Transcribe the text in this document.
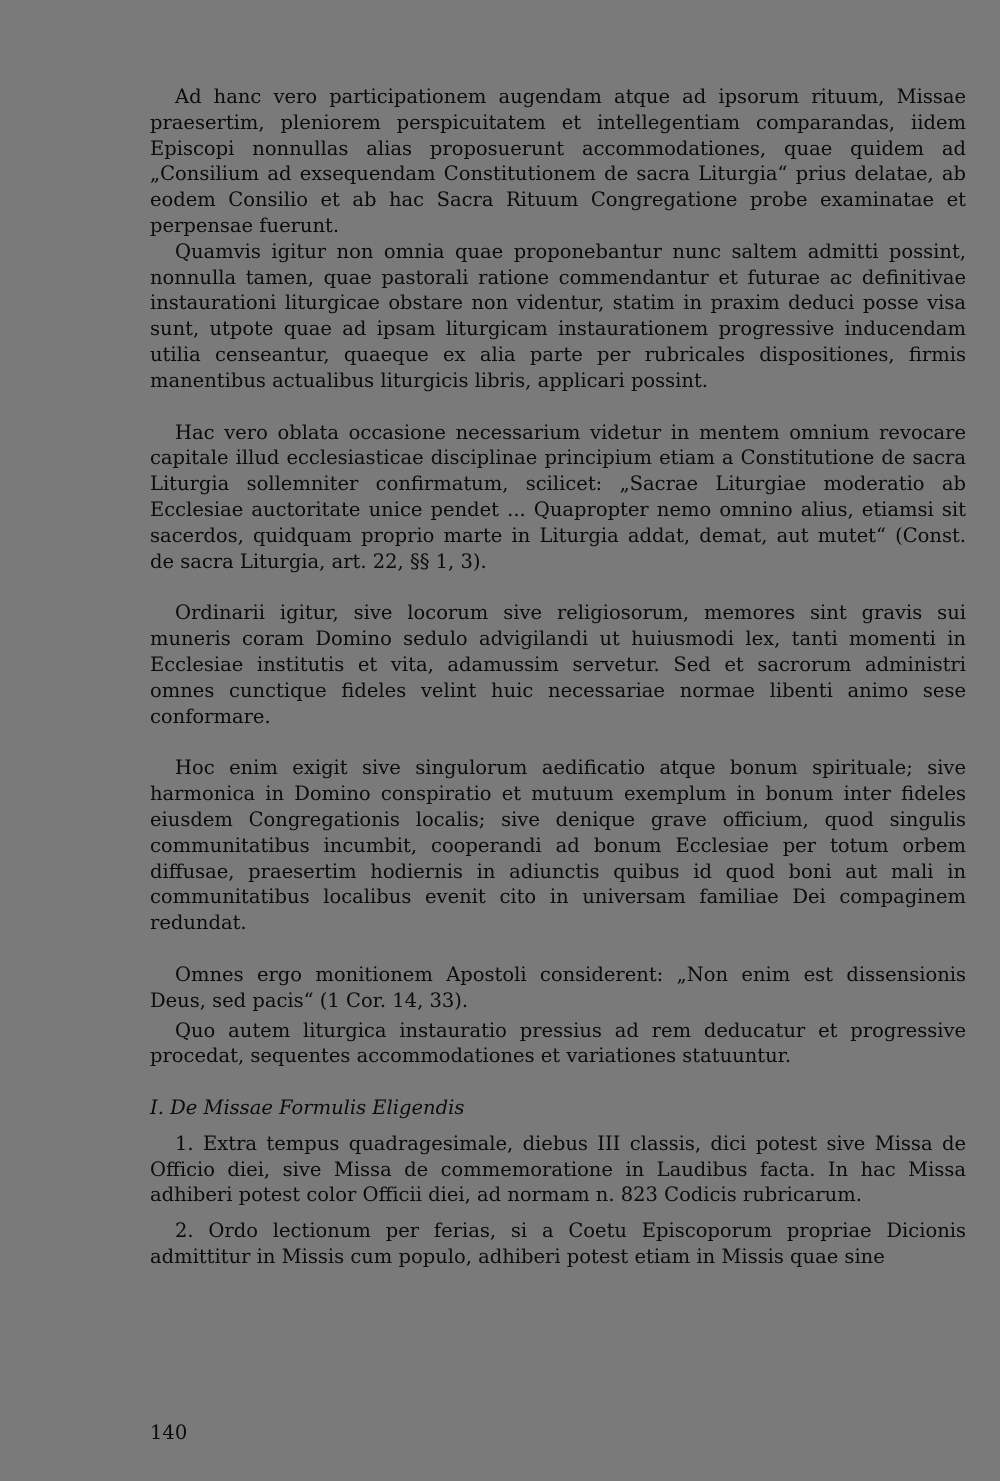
Ad hanc vero participationem augendam atque ad ipsorum rituum, Missae praesertim, pleniorem perspicuitatem et intellegentiam comparandas, iidem Episcopi nonnullas alias proposuerunt accommodationes, quae quidem ad „Consilium ad exsequendam Constitutionem de sacra Liturgia“ prius delatae, ab eodem Consilio et ab hac Sacra Rituum Congregatione probe examinatae et perpensae fuerunt.

Quamvis igitur non omnia quae proponebantur nunc saltem admitti possint, nonnulla tamen, quae pastorali ratione commendantur et futurae ac definitivae instaurationi liturgicae obstare non videntur, statim in praxim deduci posse visa sunt, utpote quae ad ipsam liturgicam instaurationem progressive inducendam utilia censeantur, quaeque ex alia parte per rubricales dispositiones, firmis manentibus actualibus liturgicis libris, applicari possint.

Hac vero oblata occasione necessarium videtur in mentem omnium revocare capitale illud ecclesiasticae disciplinae principium etiam a Constitutione de sacra Liturgia sollemniter confirmatum, scilicet: „Sacrae Liturgiae moderatio ab Ecclesiae auctoritate unice pendet ... Quapropter nemo omnino alius, etiamsi sit sacerdos, quidquam proprio marte in Liturgia addat, demat, aut mutet“ (Const. de sacra Liturgia, art. 22, §§ 1, 3).

Ordinarii igitur, sive locorum sive religiosorum, memores sint gravis sui muneris coram Domino sedulo advigilandi ut huiusmodi lex, tanti momenti in Ecclesiae institutis et vita, adamussim servetur. Sed et sacrorum administri omnes cunctique fideles velint huic necessariae normae libenti animo sese conformare.

Hoc enim exigit sive singulorum aedificatio atque bonum spirituale; sive harmonica in Domino conspiratio et mutuum exemplum in bonum inter fideles eiusdem Congregationis localis; sive denique grave officium, quod singulis communitatibus incumbit, cooperandi ad bonum Ecclesiae per totum orbem diffusae, praesertim hodiernis in adiunctis quibus id quod boni aut mali in communitatibus localibus evenit cito in universam familiae Dei compaginem redundat.

Omnes ergo monitionem Apostoli considerent: „Non enim est dissensionis Deus, sed pacis“ (1 Cor. 14, 33).

Quo autem liturgica instauratio pressius ad rem deducatur et progressive procedat, sequentes accommodationes et variationes statuuntur.

I. De Missae Formulis Eligendis

1. Extra tempus quadragesimale, diebus III classis, dici potest sive Missa de Officio diei, sive Missa de commemoratione in Laudibus facta. In hac Missa adhiberi potest color Officii diei, ad normam n. 823 Codicis rubricarum.

2. Ordo lectionum per ferias, si a Coetu Episcoporum propriae Dicionis admittitur in Missis cum populo, adhiberi potest etiam in Missis quae sine

140
